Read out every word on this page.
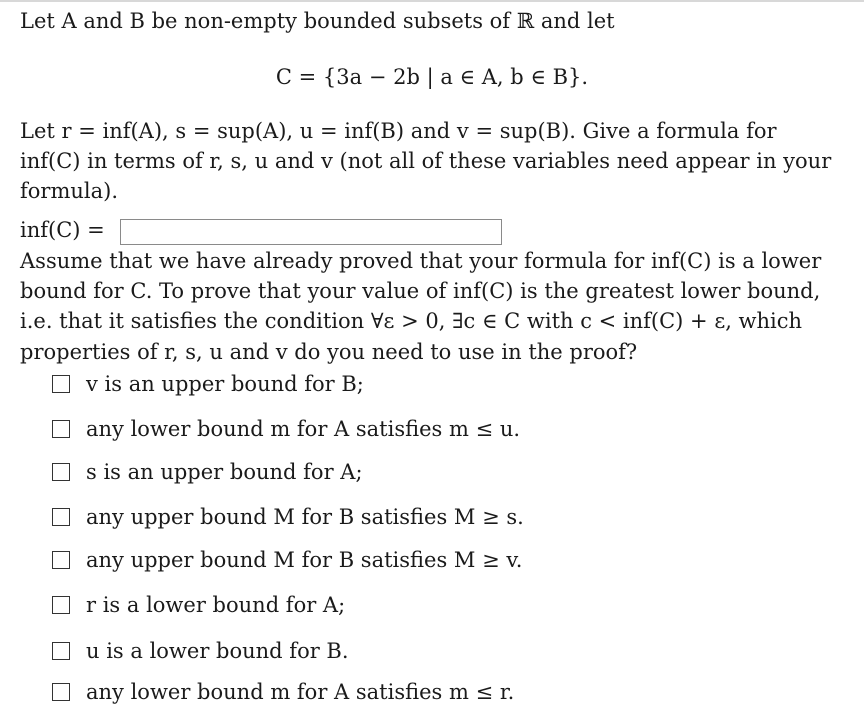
Let A and B be non-empty bounded subsets of ℝ and let
C = {3a − 2b | a ∈ A, b ∈ B}.
Let r = inf(A), s = sup(A), u = inf(B) and v = sup(B). Give a formula for
inf(C) in terms of r, s, u and v (not all of these variables need appear in your
formula).
inf(C) =
Assume that we have already proved that your formula for inf(C) is a lower
bound for C. To prove that your value of inf(C) is the greatest lower bound,
i.e. that it satisfies the condition ∀ε > 0, ∃c ∈ C with c < inf(C) + ε, which
properties of r, s, u and v do you need to use in the proof?
v is an upper bound for B;
any lower bound m for A satisfies m ≤ u.
s is an upper bound for A;
any upper bound M for B satisfies M ≥ s.
any upper bound M for B satisfies M ≥ v.
r is a lower bound for A;
u is a lower bound for B.
any lower bound m for A satisfies m ≤ r.
